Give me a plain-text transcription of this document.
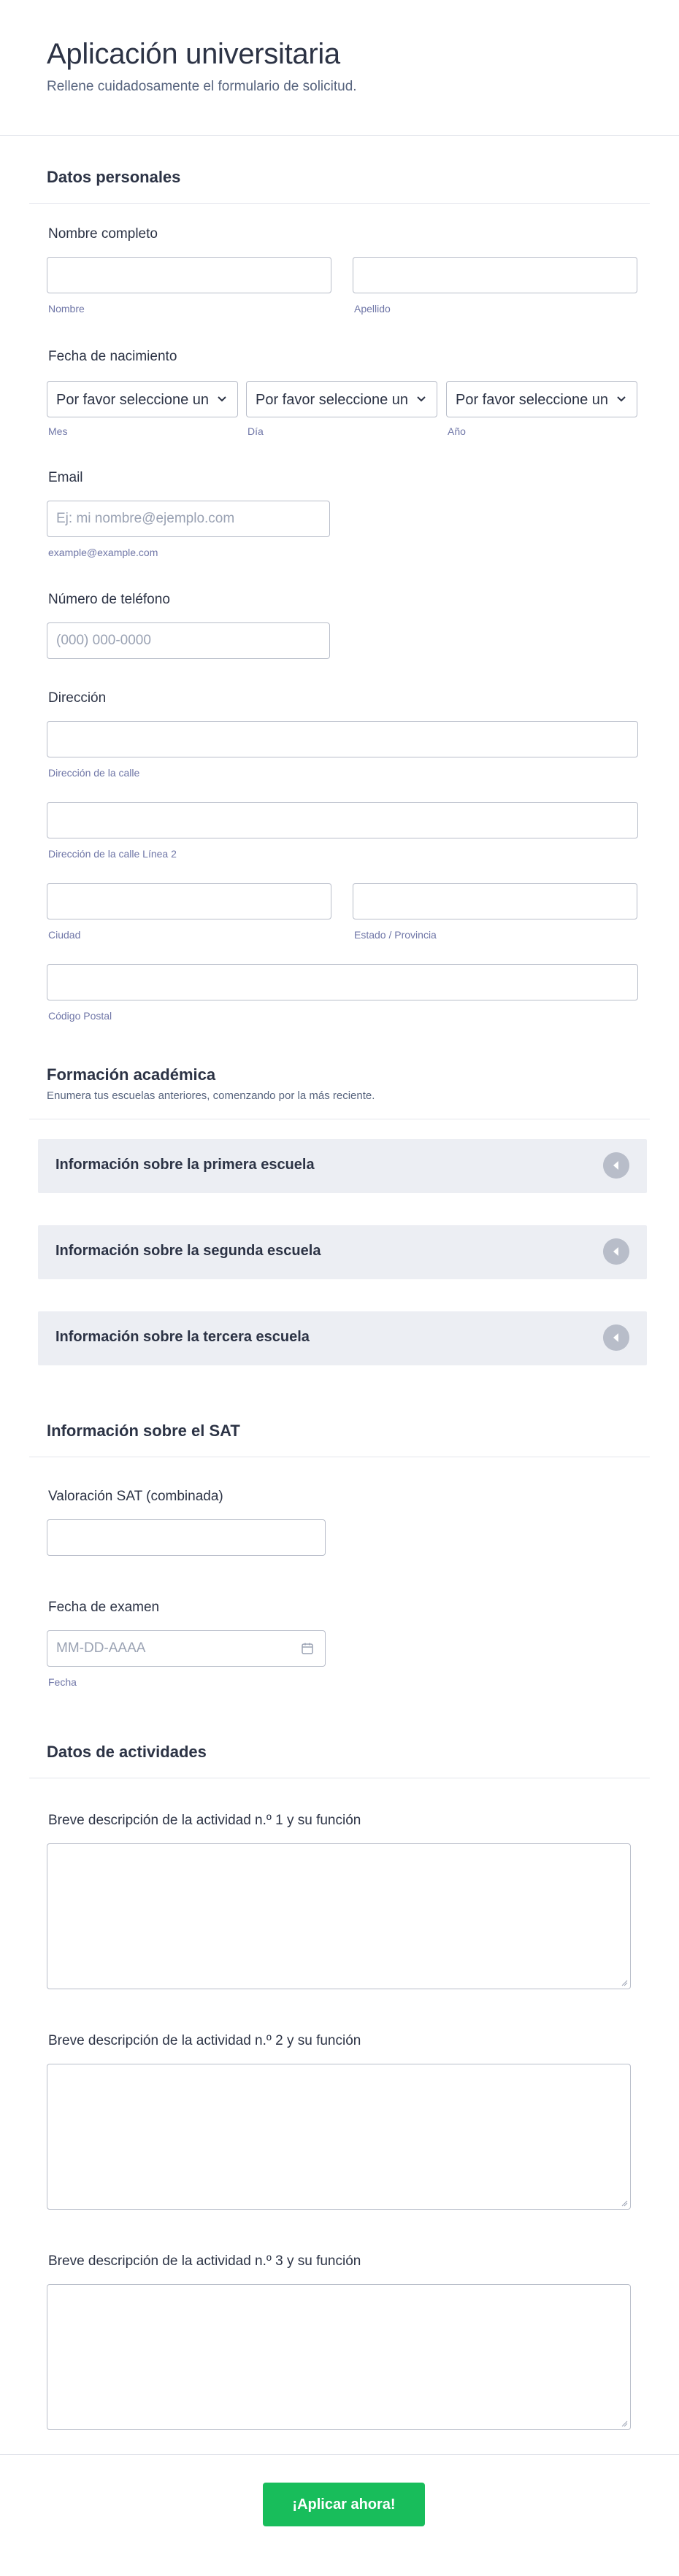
Aplicación universitaria
Rellene cuidadosamente el formulario de solicitud.
Datos personales
Nombre completo
Nombre	Apellido
Fecha de nacimiento
Por favor seleccione un	Por favor seleccione un	Por favor seleccione un
Mes	Día	Año
Email
Ej: mi nombre@ejemplo.com
example@example.com
Número de teléfono
(000) 000-0000
Dirección
Dirección de la calle
Dirección de la calle Línea 2
Ciudad	Estado / Provincia
Código Postal
Formación académica
Enumera tus escuelas anteriores, comenzando por la más reciente.
Información sobre la primera escuela
Información sobre la segunda escuela
Información sobre la tercera escuela
Información sobre el SAT
Valoración SAT (combinada)
Fecha de examen
MM-DD-AAAA
Fecha
Datos de actividades
Breve descripción de la actividad n.º 1 y su función
Breve descripción de la actividad n.º 2 y su función
Breve descripción de la actividad n.º 3 y su función
¡Aplicar ahora!
